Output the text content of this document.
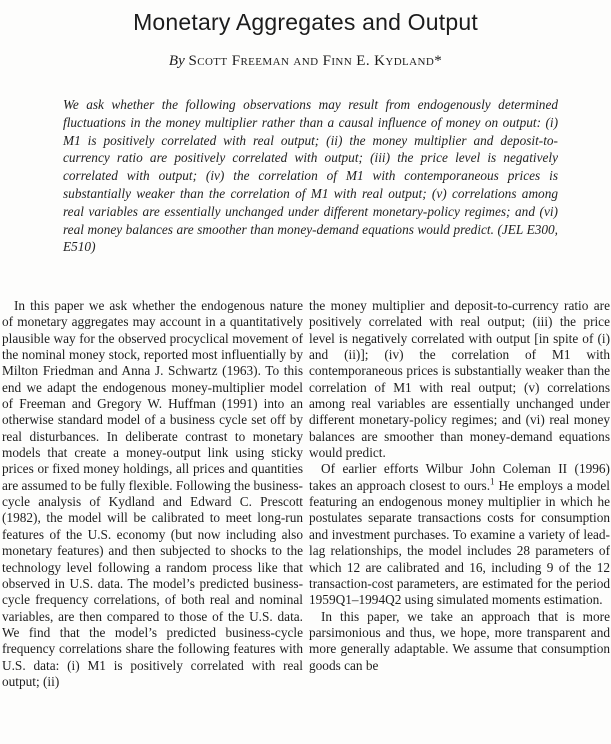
Monetary Aggregates and Output
By Scott Freeman and Finn E. Kydland*

We ask whether the following observations may result from endogenously determined fluctuations in the money multiplier rather than a causal influence of money on output: (i) M1 is positively correlated with real output; (ii) the money multiplier and deposit-to-currency ratio are positively correlated with output; (iii) the price level is negatively correlated with output; (iv) the correlation of M1 with contemporaneous prices is substantially weaker than the correlation of M1 with real output; (v) correlations among real variables are essentially unchanged under different monetary-policy regimes; and (vi) real money balances are smoother than money-demand equations would predict. (JEL E300, E510)

In this paper we ask whether the endogenous nature of monetary aggregates may account in a quantitatively plausible way for the observed procyclical movement of the nominal money stock, reported most influentially by Milton Friedman and Anna J. Schwartz (1963). To this end we adapt the endogenous money-multiplier model of Freeman and Gregory W. Huffman (1991) into an otherwise standard model of a business cycle set off by real disturbances. In deliberate contrast to monetary models that create a money-output link using sticky prices or fixed money holdings, all prices and quantities are assumed to be fully flexible. Following the business-cycle analysis of Kydland and Edward C. Prescott (1982), the model will be calibrated to meet long-run features of the U.S. economy (but now including also monetary features) and then subjected to shocks to the technology level following a random process like that observed in U.S. data. The model’s predicted business-cycle frequency correlations, of both real and nominal variables, are then compared to those of the U.S. data. We find that the model’s predicted business-cycle frequency correlations share the following features with U.S. data: (i) M1 is positively correlated with real output; (ii)

the money multiplier and deposit-to-currency ratio are positively correlated with real output; (iii) the price level is negatively correlated with output [in spite of (i) and (ii)]; (iv) the correlation of M1 with contemporaneous prices is substantially weaker than the correlation of M1 with real output; (v) correlations among real variables are essentially unchanged under different monetary-policy regimes; and (vi) real money balances are smoother than money-demand equations would predict.

Of earlier efforts Wilbur John Coleman II (1996) takes an approach closest to ours.$^1$ He employs a model featuring an endogenous money multiplier in which he postulates separate transactions costs for consumption and investment purchases. To examine a variety of lead-lag relationships, the model includes 28 parameters of which 12 are calibrated and 16, including 9 of the 12 transaction-cost parameters, are estimated for the period 1959Q1–1994Q2 using simulated moments estimation.

In this paper, we take an approach that is more parsimonious and thus, we hope, more transparent and more generally adaptable. We assume that consumption goods can be
